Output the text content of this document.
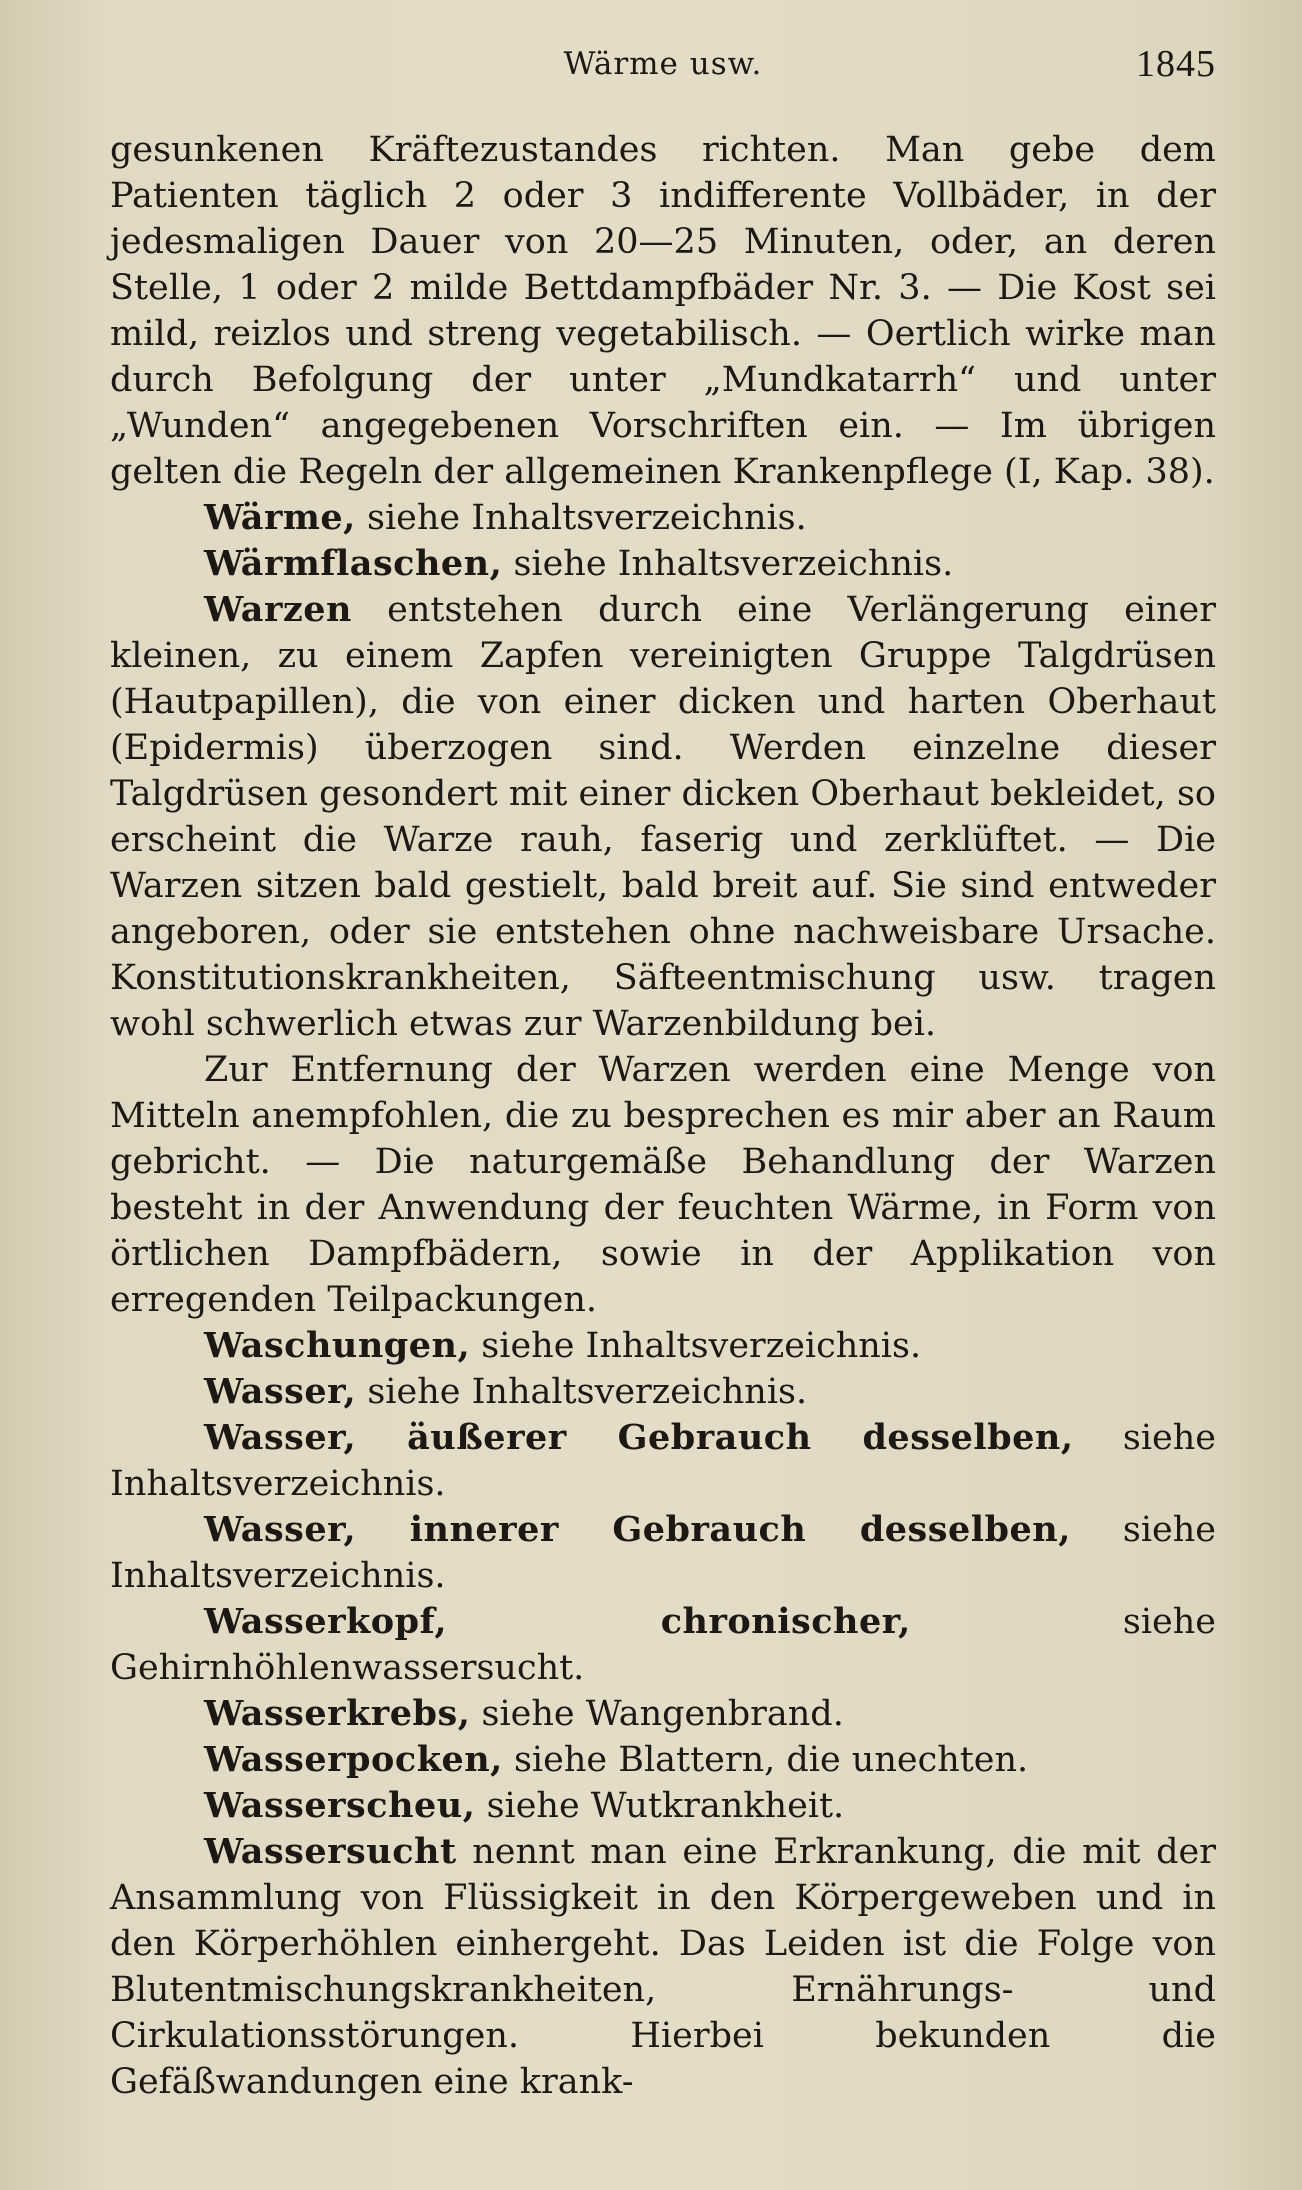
Wärme usw.	1845

gesunkenen Kräftezustandes richten. Man gebe dem Patienten täglich 2 oder 3 indifferente Vollbäder, in der jedesmaligen Dauer von 20—25 Minuten, oder, an deren Stelle, 1 oder 2 milde Bettdampfbäder Nr. 3. — Die Kost sei mild, reizlos und streng vegetabilisch. — Oertlich wirke man durch Befolgung der unter „Mundkatarrh“ und unter „Wunden“ angegebenen Vorschriften ein. — Im übrigen gelten die Regeln der allgemeinen Krankenpflege (I, Kap. 38).

Wärme, siehe Inhaltsverzeichnis.

Wärmflaschen, siehe Inhaltsverzeichnis.

Warzen entstehen durch eine Verlängerung einer kleinen, zu einem Zapfen vereinigten Gruppe Talgdrüsen (Hautpapillen), die von einer dicken und harten Oberhaut (Epidermis) überzogen sind. Werden einzelne dieser Talgdrüsen gesondert mit einer dicken Oberhaut bekleidet, so erscheint die Warze rauh, faserig und zerklüftet. — Die Warzen sitzen bald gestielt, bald breit auf. Sie sind entweder angeboren, oder sie entstehen ohne nachweisbare Ursache. Konstitutionskrankheiten, Säfteentmischung usw. tragen wohl schwerlich etwas zur Warzenbildung bei.

Zur Entfernung der Warzen werden eine Menge von Mitteln anempfohlen, die zu besprechen es mir aber an Raum gebricht. — Die naturgemäße Behandlung der Warzen besteht in der Anwendung der feuchten Wärme, in Form von örtlichen Dampfbädern, sowie in der Applikation von erregenden Teilpackungen.

Waschungen, siehe Inhaltsverzeichnis.

Wasser, siehe Inhaltsverzeichnis.

Wasser, äußerer Gebrauch desselben, siehe Inhaltsverzeichnis.

Wasser, innerer Gebrauch desselben, siehe Inhaltsverzeichnis.

Wasserkopf, chronischer, siehe Gehirnhöhlenwassersucht.

Wasserkrebs, siehe Wangenbrand.

Wasserpocken, siehe Blattern, die unechten.

Wasserscheu, siehe Wutkrankheit.

Wassersucht nennt man eine Erkrankung, die mit der Ansammlung von Flüssigkeit in den Körpergeweben und in den Körperhöhlen einhergeht. Das Leiden ist die Folge von Blutentmischungskrankheiten, Ernährungs- und Cirkulationsstörungen. Hierbei bekunden die Gefäßwandungen eine krank-
